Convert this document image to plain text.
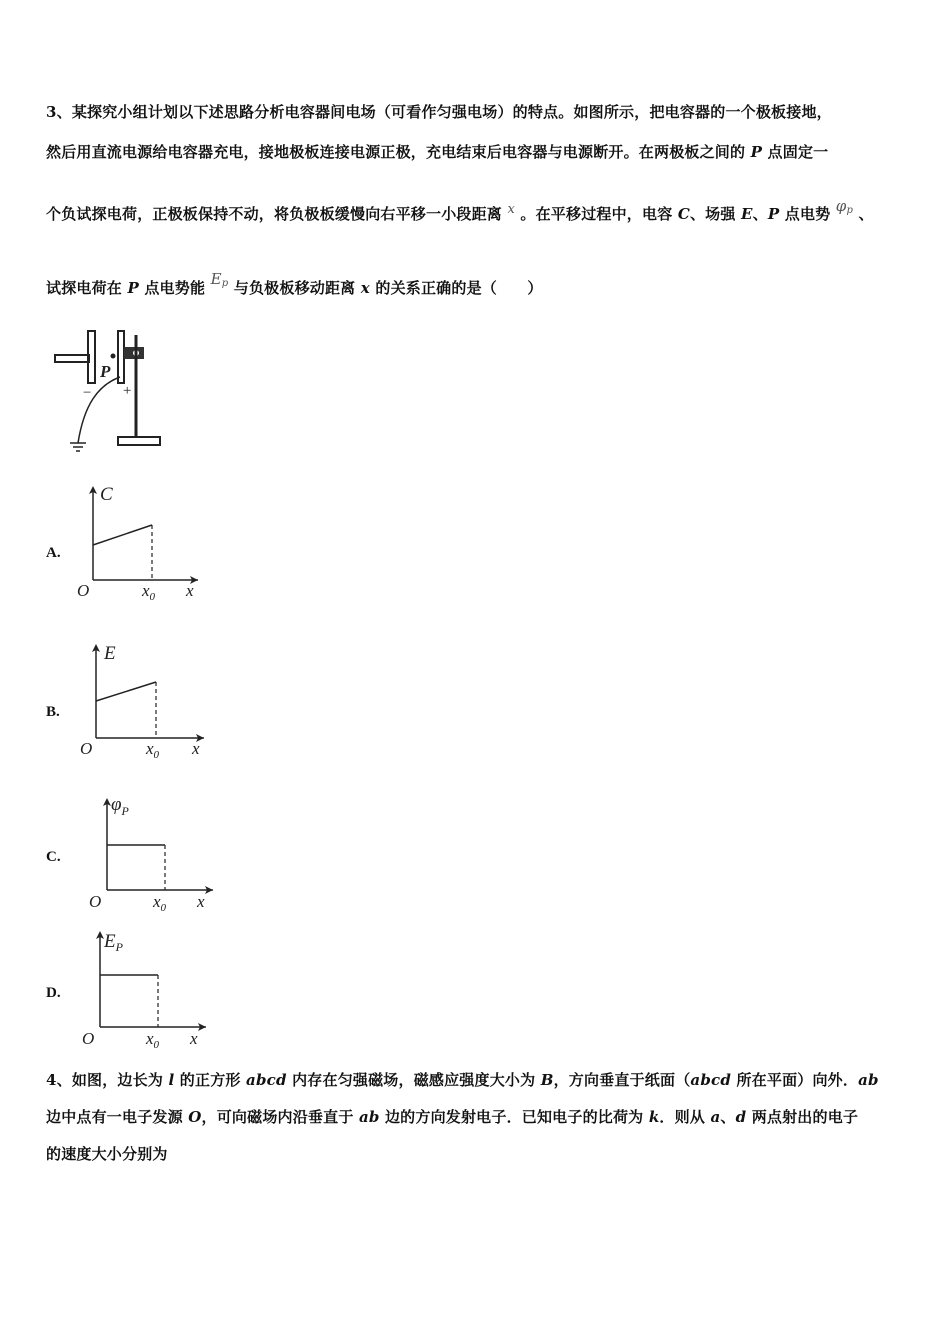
3、某探究小组计划以下述思路分析电容器间电场（可看作匀强电场）的特点。如图所示，把电容器的一个极板接地，
然后用直流电源给电容器充电，接地极板连接电源正极，充电结束后电容器与电源断开。在两极板之间的 P 点固定一
个负试探电荷，正极板保持不动，将负极板缓慢向右平移一小段距离 x 。在平移过程中，电容 C、场强 E、P 点电势 $\varphi^p$ 、
试探电荷在 P 点电势能 $E^p$ 与负极板移动距离 x 的关系正确的是（　　）
P
− +
A.
B.
C.
D.
C
O	$x_0$ x
E
O	$x_0$ x
$\varphi_P$
O	$x_0$ x
$E_P$
O	$x_0$ x
4、如图，边长为 l 的正方形 abcd 内存在匀强磁场，磁感应强度大小为 B，方向垂直于纸面（abcd 所在平面）向外．ab
边中点有一电子发源 O，可向磁场内沿垂直于 ab 边的方向发射电子．已知电子的比荷为 k．则从 a、d 两点射出的电子
的速度大小分别为
